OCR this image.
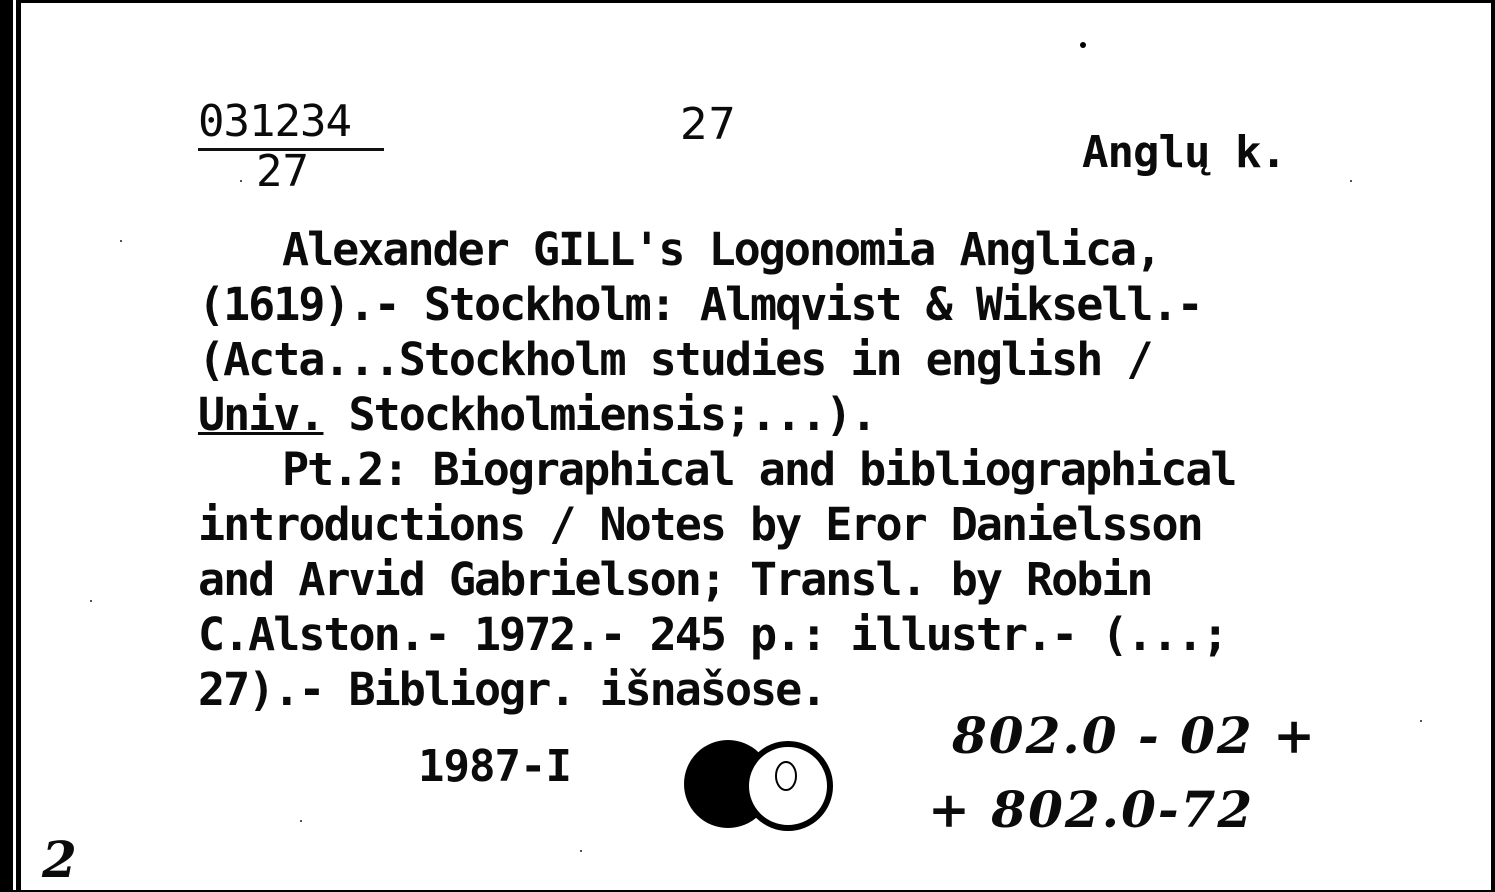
031234
27
27
Anglų k.
Alexander GILL's Logonomia Anglica,
(1619).- Stockholm: Almqvist & Wiksell.-
(Acta...Stockholm studies in english /
Univ. Stockholmiensis;...).
Pt.2: Biographical and bibliographical
introductions / Notes by Eror Danielsson
and Arvid Gabrielson; Transl. by Robin
C.Alston.- 1972.- 245 p.: illustr.- (...;
27).- Bibliogr. išnašose.
1987-I
802.0 - 02 +
+ 802.0-72
2
